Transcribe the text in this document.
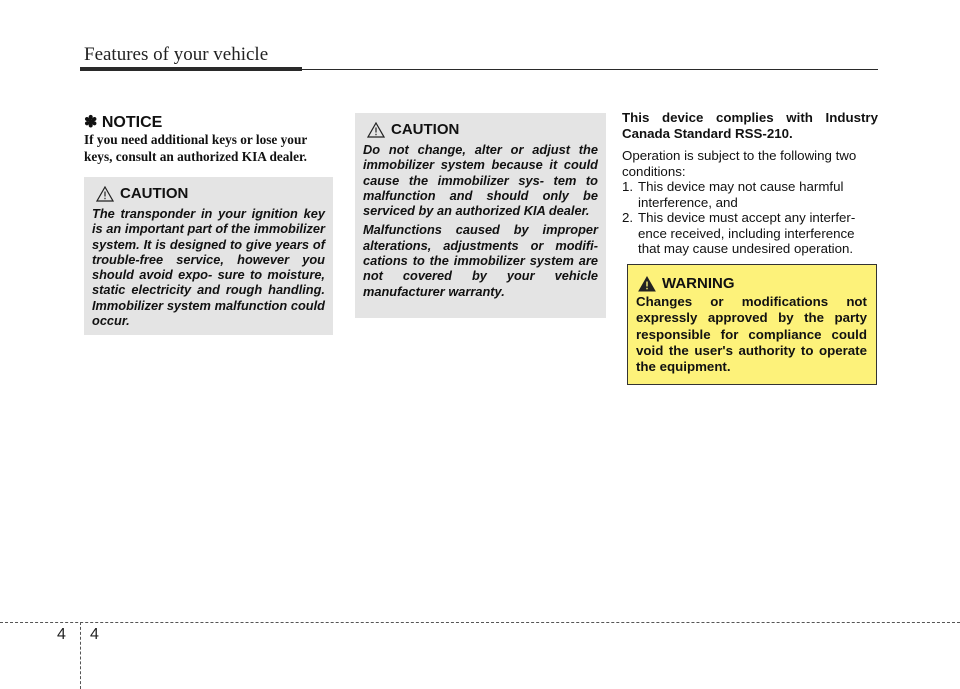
Features of your vehicle
✽ NOTICE
If you need additional keys or lose your keys, consult an authorized KIA dealer.
CAUTION

The transponder in your ignition key is an important part of the immobilizer system. It is designed to give years of trouble-free service, however you should avoid expo- sure to moisture, static electricity and rough handling. Immobilizer system malfunction could occur.

CAUTION

Do not change, alter or adjust the immobilizer system because it could cause the immobilizer sys- tem to malfunction and should only be serviced by an authorized KIA dealer.

Malfunctions caused by improper alterations, adjustments or modifi- cations to the immobilizer system are not covered by your vehicle manufacturer warranty.

This device complies with Industry Canada Standard RSS-210.

Operation is subject to the following two conditions:

1. This device may not cause harmful interference, and
2. This device must accept any interfer- ence received, including interference that may cause undesired operation.
WARNING

Changes or modifications not expressly approved by the party responsible for compliance could void the user's authority to operate the equipment.

4 4
